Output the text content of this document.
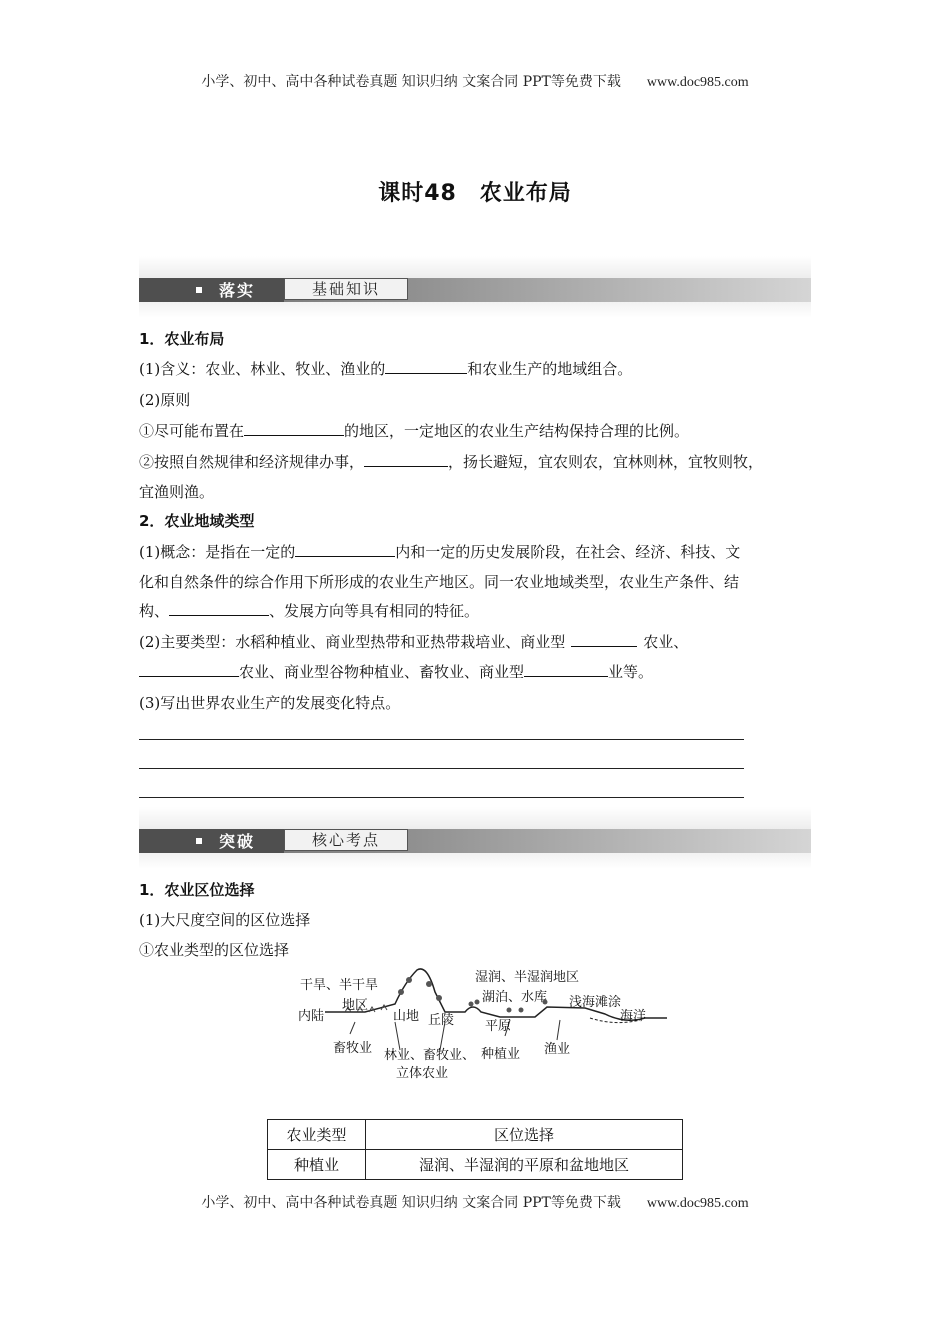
小学、初中、高中各种试卷真题 知识归纳 文案合同 PPT等免费下载 www.doc985.com
课时48　农业布局
落实	基础知识
1．农业布局
(1)含义：农业、林业、牧业、渔业的	和农业生产的地域组合。
(2)原则
①尽可能布置在	的地区，一定地区的农业生产结构保持合理的比例。
②按照自然规律和经济规律办事，	，扬长避短，宜农则农，宜林则林，宜牧则牧，
宜渔则渔。
2．农业地域类型
(1)概念：是指在一定的	内和一定的历史发展阶段，在社会、经济、科技、文
化和自然条件的综合作用下所形成的农业生产地区。同一农业地域类型，农业生产条件、结
构、	、发展方向等具有相同的特征。
(2)主要类型：水稻种植业、商业型热带和亚热带栽培业、商业型	农业、
农业、商业型谷物种植业、畜牧业、商业型	业等。
(3)写出世界农业生产的发展变化特点。
突破	核心考点
1．农业区位选择
(1)大尺度空间的区位选择
①农业类型的区位选择
干旱、半干旱
地区
内陆	山地 丘陵
湿润、半湿润地区
湖泊、水库 浅海滩涂
海洋
平原
畜牧业 林业、畜牧业、
立体农业
种植业 渔业
农业类型	区位选择
种植业	湿润、半湿润的平原和盆地地区
小学、初中、高中各种试卷真题 知识归纳 文案合同 PPT等免费下载 www.doc985.com
